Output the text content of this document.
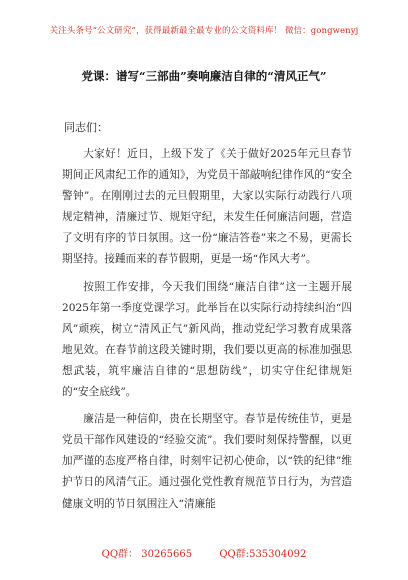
关注头条号“公文研究”，获得最新最全最专业的公文资料库！ 微信：gongwenyj
党课：谱写“三部曲”奏响廉洁自律的“清风正气”
同志们：

大家好！近日，上级下发了《关于做好2025年元旦春节期间正风肃纪工作的通知》，为党员干部敲响纪律作风的“安全警钟”。在刚刚过去的元旦假期里，大家以实际行动践行八项规定精神，清廉过节、规矩守纪，未发生任何廉洁问题，营造了文明有序的节日氛围。这一份“廉洁答卷”来之不易，更需长期坚持。接踵而来的春节假期，更是一场“作风大考”。

按照工作安排，今天我们围绕“廉洁自律”这一主题开展2025年第一季度党课学习。此举旨在以实际行动持续纠治“四风”顽疾，树立“清风正气”新风尚，推动党纪学习教育成果落地见效。在春节前这段关键时期，我们要以更高的标准加强思想武装，筑牢廉洁自律的“思想防线”，切实守住纪律规矩的“安全底线”。

廉洁是一种信仰，贵在长期坚守。春节是传统佳节，更是党员干部作风建设的“经验交流”。我们要时刻保持警醒，以更加严谨的态度严格自律，时刻牢记初心使命，以“铁的纪律”维护节日的风清气正。通过强化党性教育规范节日行为，为营造健康文明的节日氛围注入“清廉能

QQ群： 30265665	QQ群:535304092
